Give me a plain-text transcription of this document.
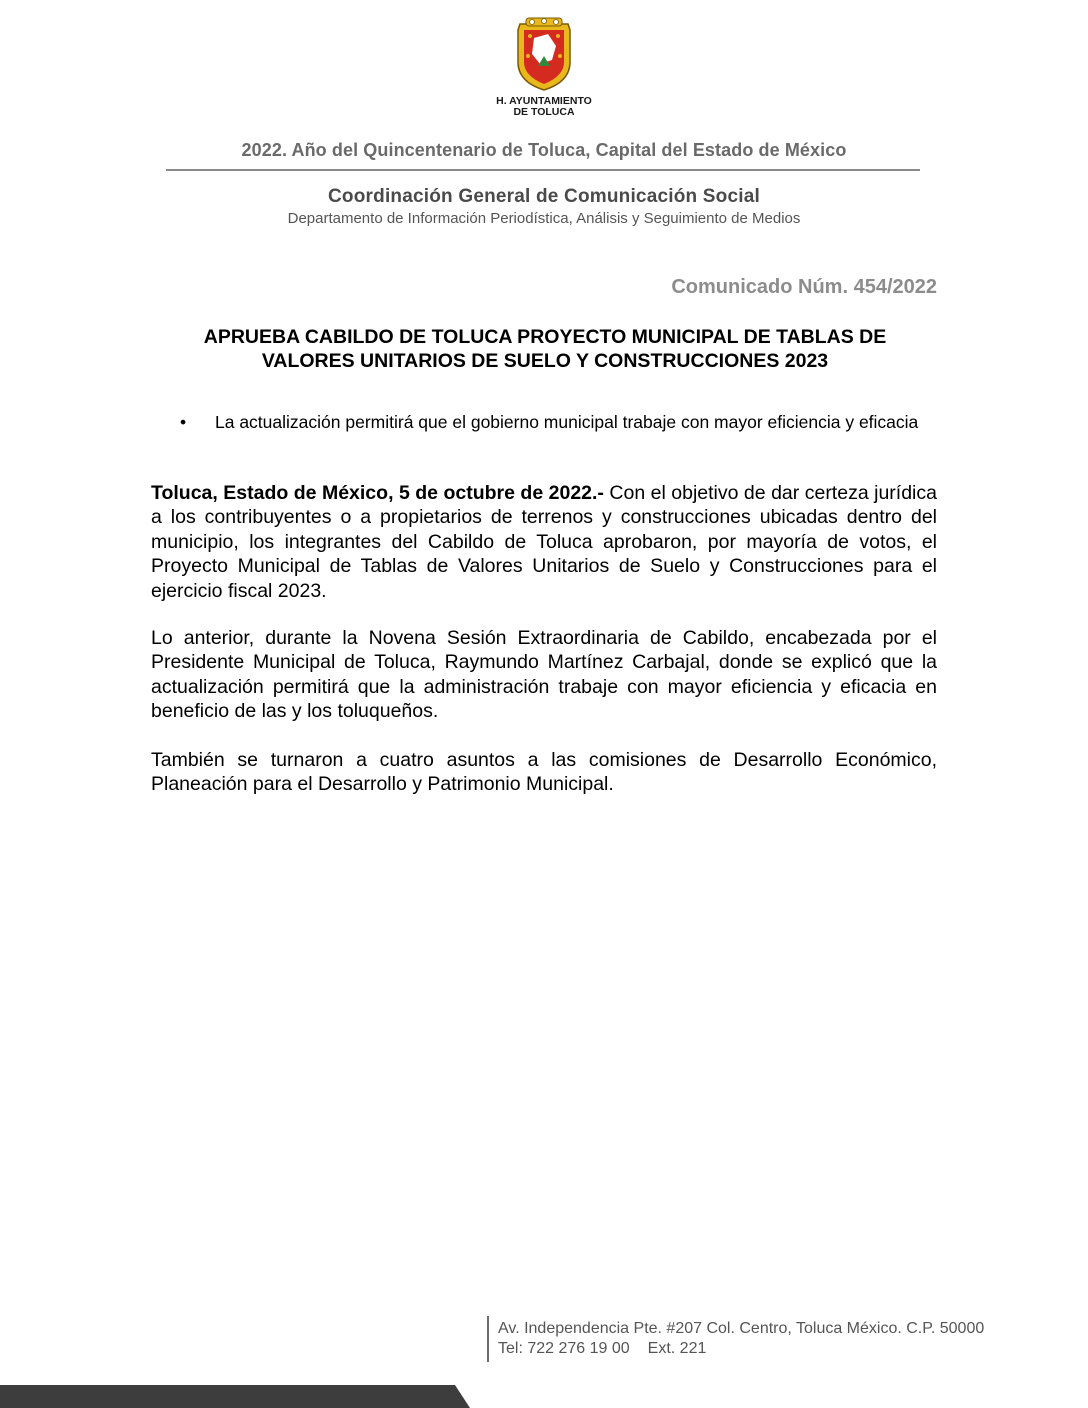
H. AYUNTAMIENTO
DE TOLUCA
2022. Año del Quincentenario de Toluca, Capital del Estado de México
Coordinación General de Comunicación Social
Departamento de Información Periodística, Análisis y Seguimiento de Medios
Comunicado Núm. 454/2022
APRUEBA CABILDO DE TOLUCA PROYECTO MUNICIPAL DE TABLAS DE
VALORES UNITARIOS DE SUELO Y CONSTRUCCIONES 2023
• La actualización permitirá que el gobierno municipal trabaje con mayor eficiencia y eficacia
Toluca, Estado de México, 5 de octubre de 2022.- Con el objetivo de dar certeza jurídica a los contribuyentes o a propietarios de terrenos y construcciones ubicadas dentro del municipio, los integrantes del Cabildo de Toluca aprobaron, por mayoría de votos, el Proyecto Municipal de Tablas de Valores Unitarios de Suelo y Construcciones para el ejercicio fiscal 2023.
Lo anterior, durante la Novena Sesión Extraordinaria de Cabildo, encabezada por el Presidente Municipal de Toluca, Raymundo Martínez Carbajal, donde se explicó que la actualización permitirá que la administración trabaje con mayor eficiencia y eficacia en beneficio de las y los toluqueños.
También se turnaron a cuatro asuntos a las comisiones de Desarrollo Económico, Planeación para el Desarrollo y Patrimonio Municipal.
Av. Independencia Pte. #207 Col. Centro, Toluca México. C.P. 50000
Tel: 722 276 19 00 Ext. 221
